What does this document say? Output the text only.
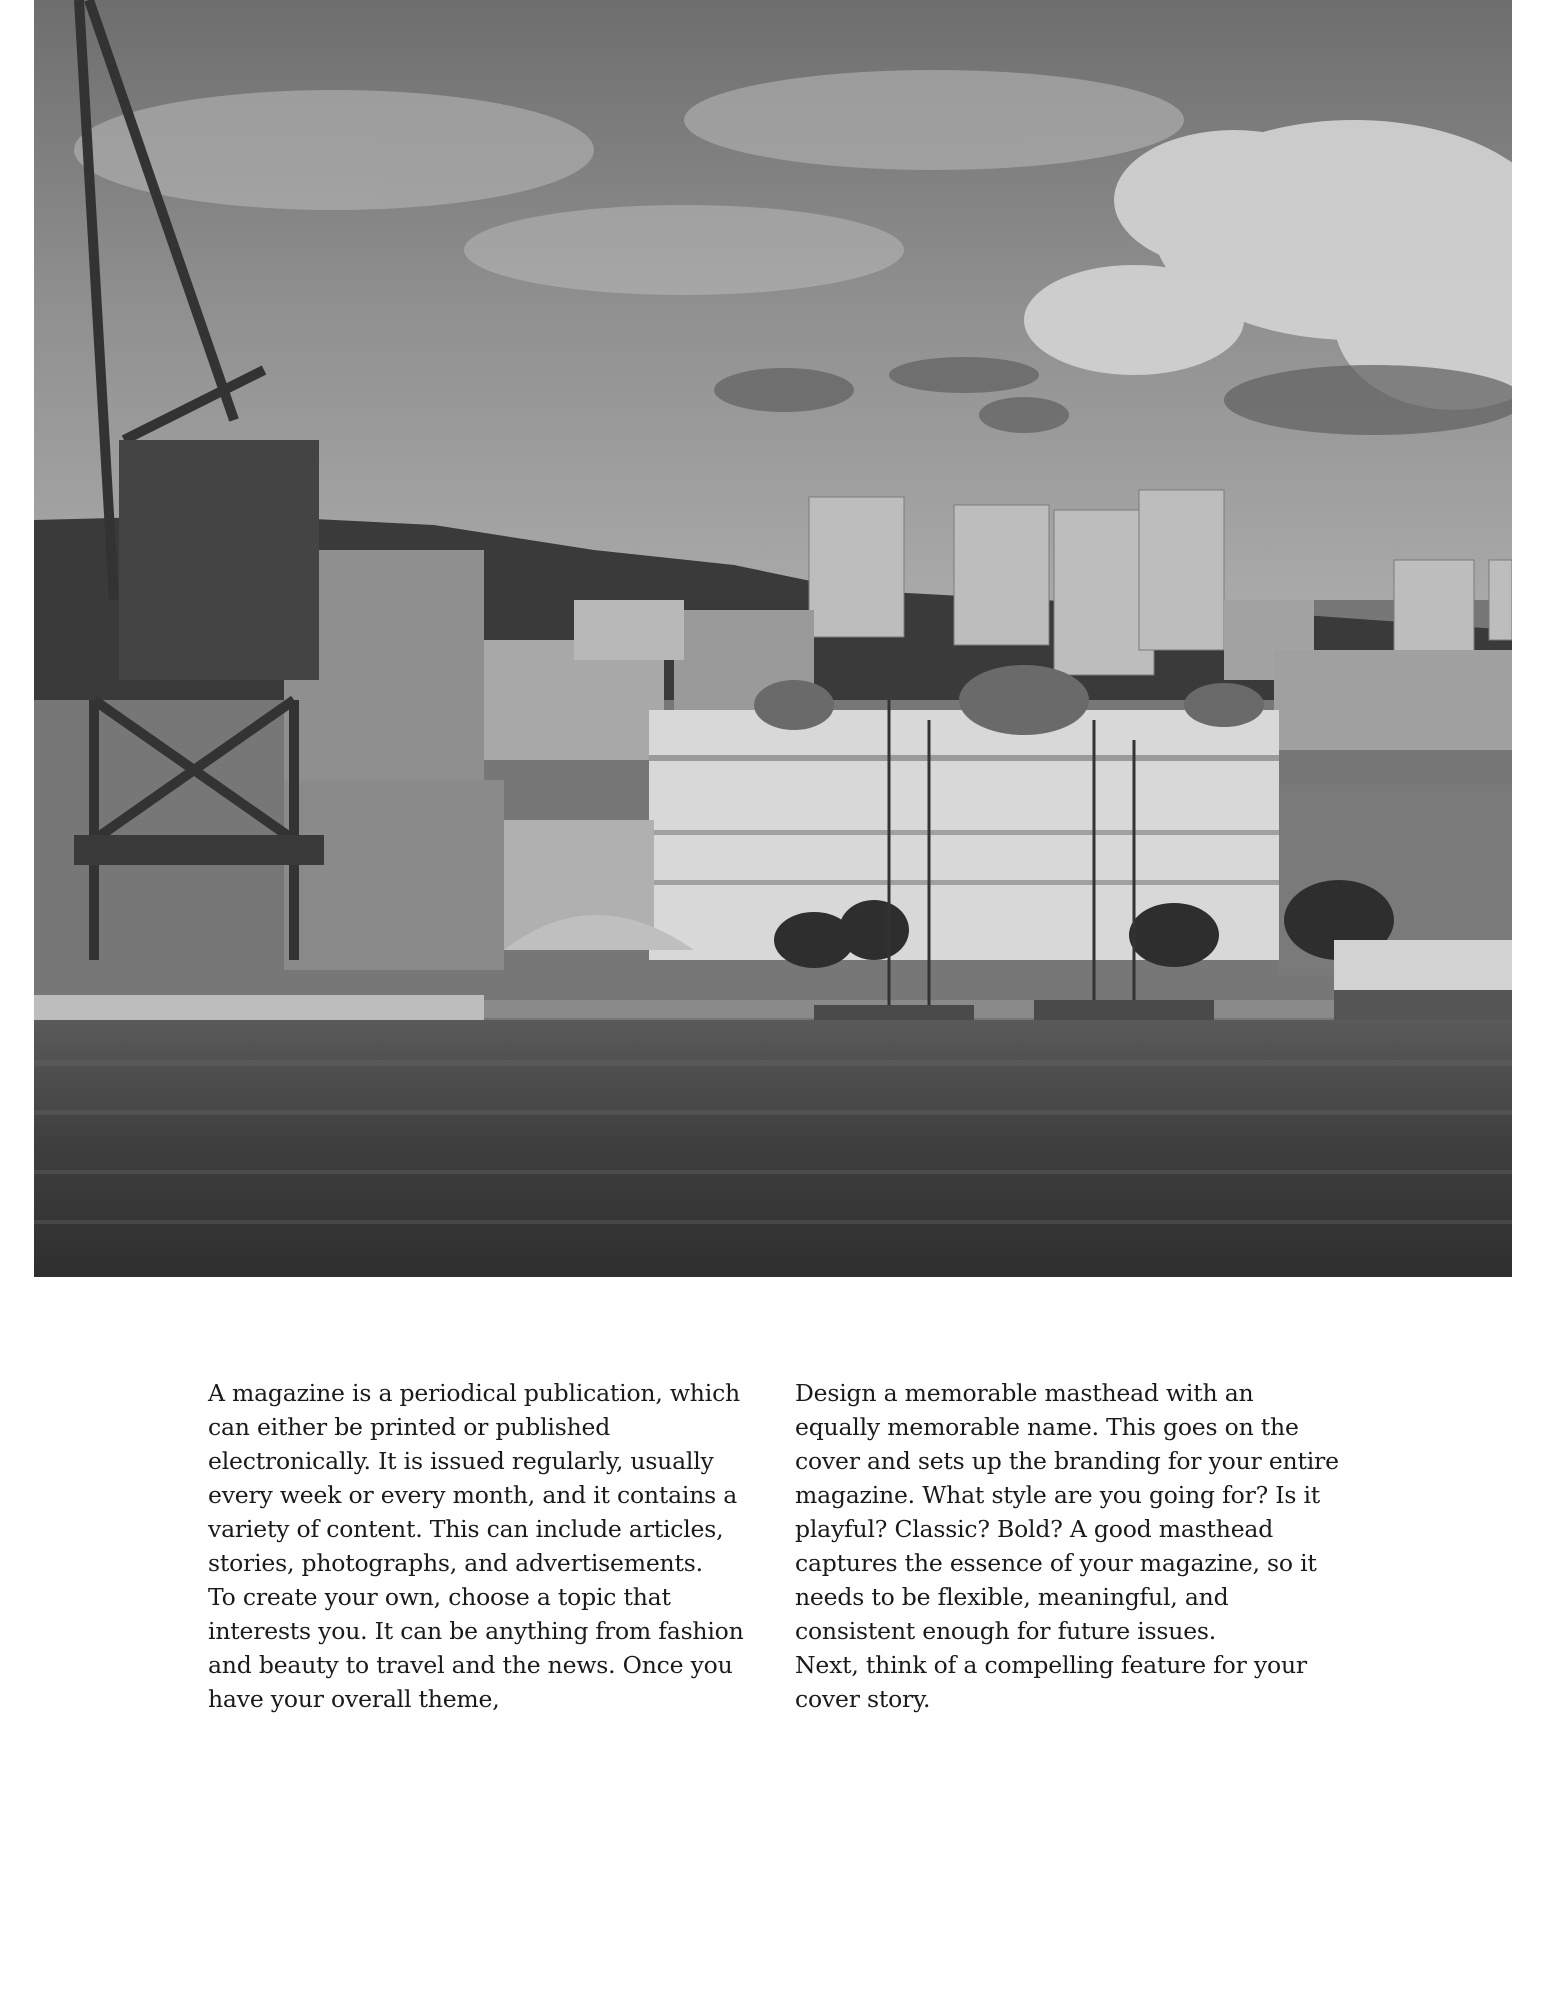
A magazine is a periodical publication, which can either be printed or published electronically. It is issued regularly, usually every week or every month, and it contains a variety of content. This can include articles, stories, photographs, and advertisements.

To create your own, choose a topic that interests you. It can be anything from fashion and beauty to travel and the news. Once you have your overall theme,

Design a memorable masthead with an equally memorable name. This goes on the cover and sets up the branding for your entire magazine. What style are you going for? Is it playful? Classic? Bold? A good masthead captures the essence of your magazine, so it needs to be flexible, meaningful, and consistent enough for future issues.

Next, think of a compelling feature for your cover story.
